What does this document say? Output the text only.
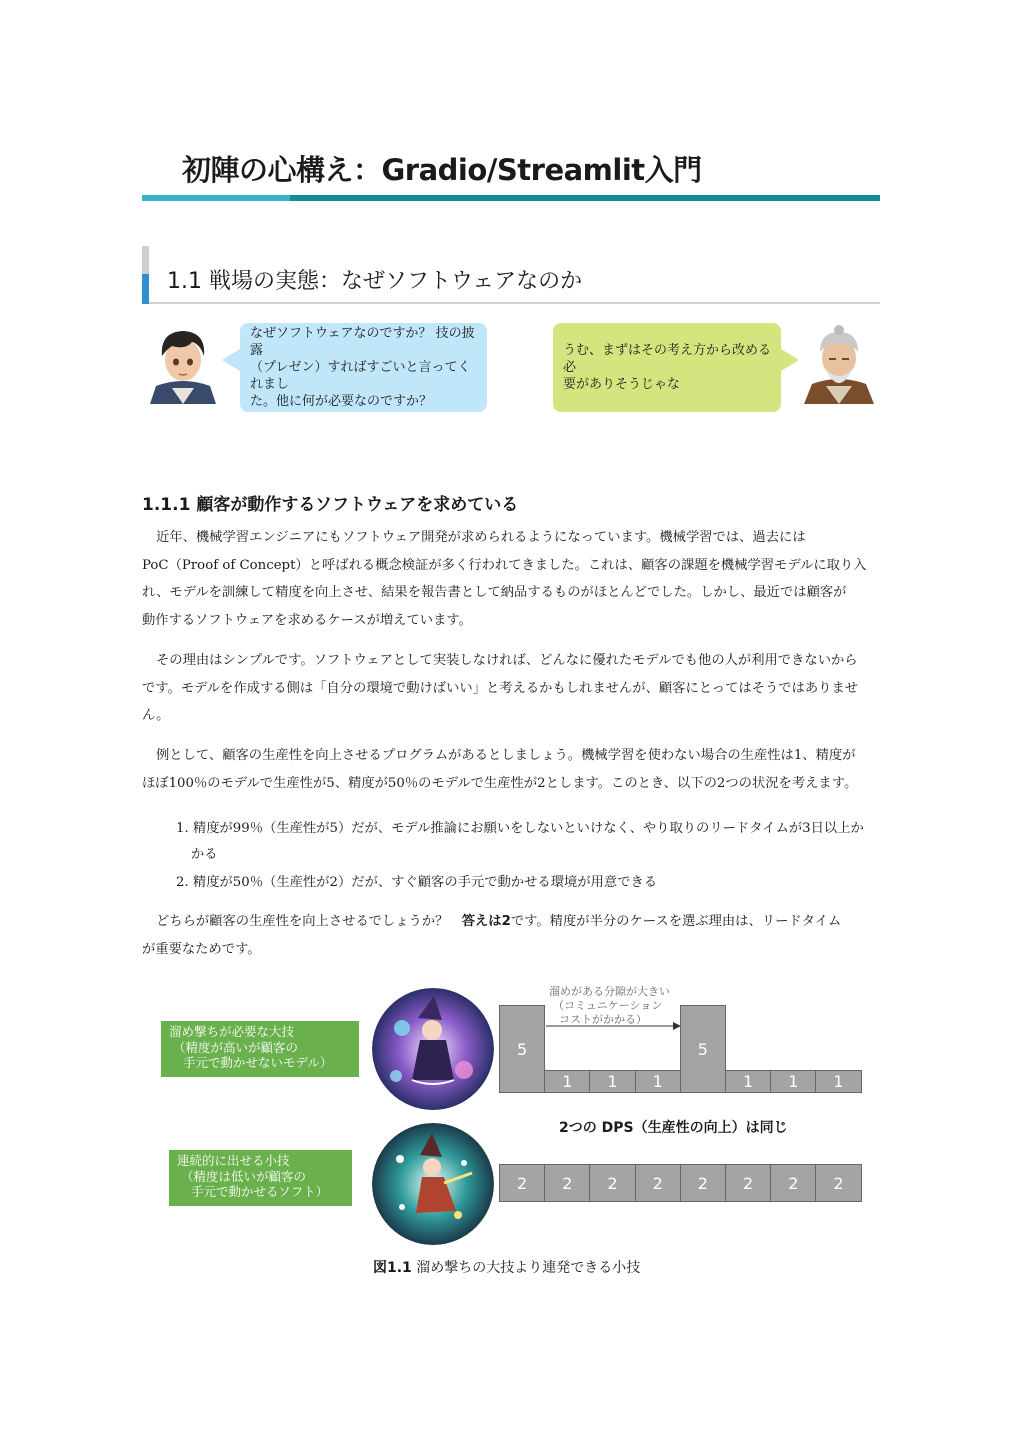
初陣の心構え：Gradio/Streamlit入門
1.1 戦場の実態：なぜソフトウェアなのか
なぜソフトウェアなのですか？ 技の披露
（プレゼン）すればすごいと言ってくれまし
た。他に何が必要なのですか？
うむ、まずはその考え方から改める必
要がありそうじゃな
1.1.1 顧客が動作するソフトウェアを求めている
近年、機械学習エンジニアにもソフトウェア開発が求められるようになっています。機械学習では、過去には
PoC（Proof of Concept）と呼ばれる概念検証が多く行われてきました。これは、顧客の課題を機械学習モデルに取り入
れ、モデルを訓練して精度を向上させ、結果を報告書として納品するものがほとんどでした。しかし、最近では顧客が
動作するソフトウェアを求めるケースが増えています。
その理由はシンプルです。ソフトウェアとして実装しなければ、どんなに優れたモデルでも他の人が利用できないから
です。モデルを作成する側は「自分の環境で動けばいい」と考えるかもしれませんが、顧客にとってはそうではありませ
ん。
例として、顧客の生産性を向上させるプログラムがあるとしましょう。機械学習を使わない場合の生産性は1、精度が
ほぼ100％のモデルで生産性が5、精度が50％のモデルで生産性が2とします。このとき、以下の2つの状況を考えます。
1. 精度が99％（生産性が5）だが、モデル推論にお願いをしないといけなく、やり取りのリードタイムが3日以上か
かる
2. 精度が50％（生産性が2）だが、すぐ顧客の手元で動かせる環境が用意できる
どちらが顧客の生産性を向上させるでしょうか？　答えは2です。精度が半分のケースを選ぶ理由は、リードタイム
が重要なためです。
溜め撃ちが必要な大技
（精度が高いが顧客の
手元で動かせないモデル）
連続的に出せる小技
（精度は低いが顧客の
手元で動かせるソフト）
溜めがある分隙が大きい
（コミュニケーション
コストがかかる）
5
1	1	1
5
1	1	1
2	2	2	2	2	2	2	2
2つの DPS（生産性の向上）は同じ
図1.1 溜め撃ちの大技より連発できる小技
